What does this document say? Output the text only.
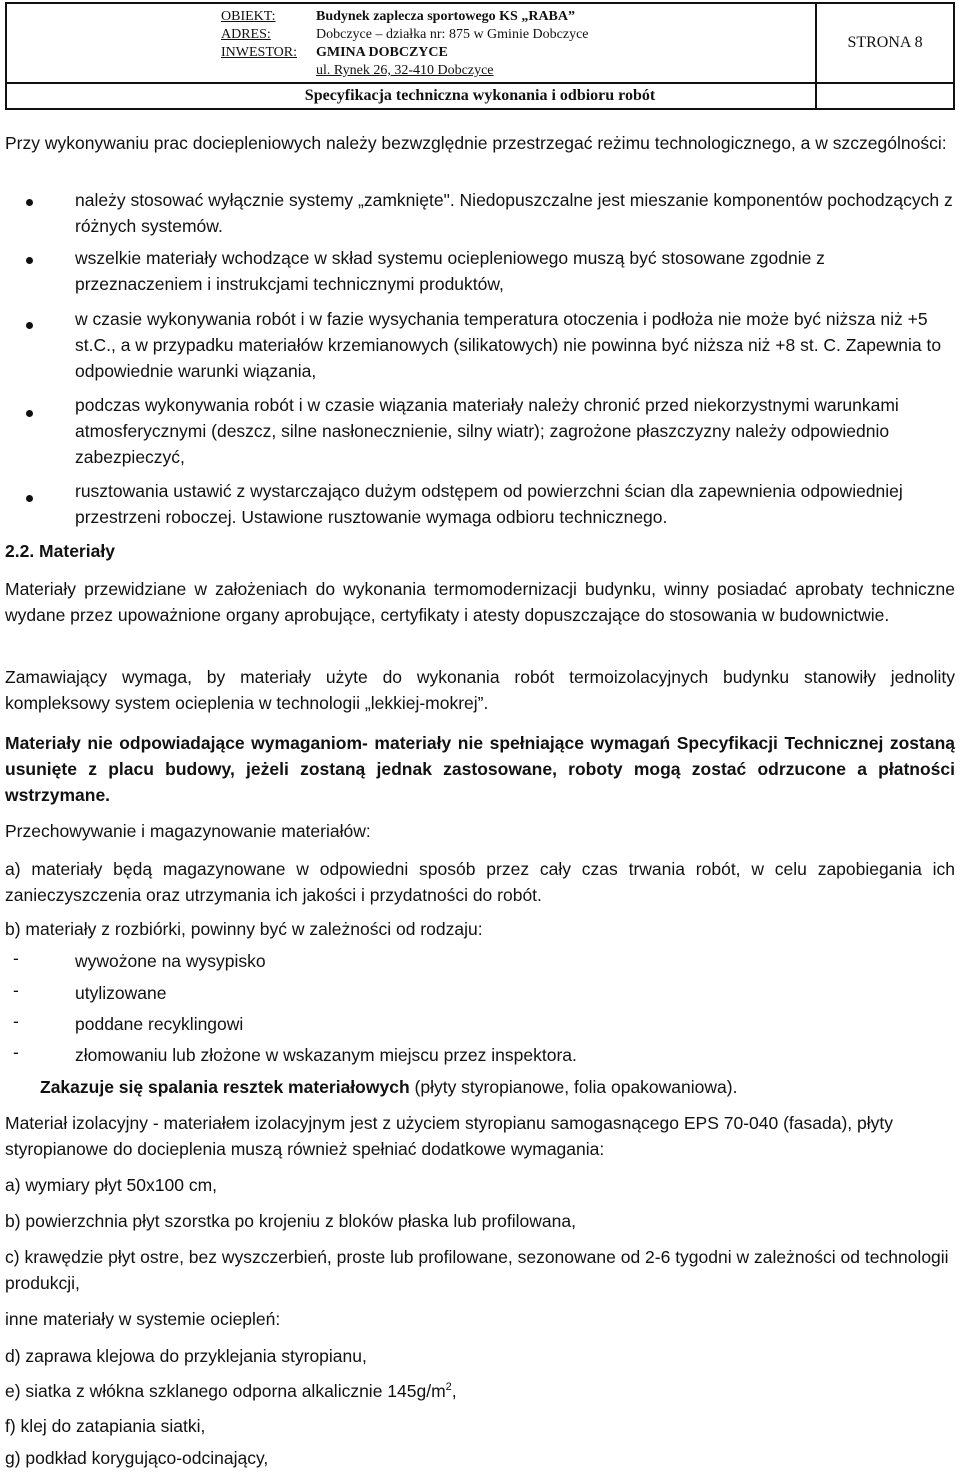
OBIEKT:	Budynek zaplecza sportowego KS „RABA”
ADRES:	Dobczyce – działka nr: 875 w Gminie Dobczyce
INWESTOR: GMINA DOBCZYCE
ul. Rynek 26, 32-410 Dobczyce
STRONA 8
Specyfikacja techniczna wykonania i odbioru robót
Przy wykonywaniu prac dociepleniowych należy bezwzględnie przestrzegać reżimu technologicznego, a w szczególności:
należy stosować wyłącznie systemy „zamknięte". Niedopuszczalne jest mieszanie komponentów pochodzących z różnych systemów.
wszelkie materiały wchodzące w skład systemu ociepleniowego muszą być stosowane zgodnie z przeznaczeniem i instrukcjami technicznymi produktów,
w czasie wykonywania robót i w fazie wysychania temperatura otoczenia i podłoża nie może być niższa niż +5 st.C., a w przypadku materiałów krzemianowych (silikatowych) nie powinna być niższa niż +8 st. C. Zapewnia to odpowiednie warunki wiązania,
podczas wykonywania robót i w czasie wiązania materiały należy chronić przed niekorzystnymi warunkami atmosferycznymi (deszcz, silne nasłonecznienie, silny wiatr); zagrożone płaszczyzny należy odpowiednio zabezpieczyć,
rusztowania ustawić z wystarczająco dużym odstępem od powierzchni ścian dla zapewnienia odpowiedniej przestrzeni roboczej. Ustawione rusztowanie wymaga odbioru technicznego.
2.2. Materiały
Materiały przewidziane w założeniach do wykonania termomodernizacji budynku, winny posiadać aprobaty techniczne wydane przez upoważnione organy aprobujące, certyfikaty i atesty dopuszczające do stosowania w budownictwie.
Zamawiający wymaga, by materiały użyte do wykonania robót termoizolacyjnych budynku stanowiły jednolity kompleksowy system ocieplenia w technologii „lekkiej-mokrej”.
Materiały nie odpowiadające wymaganiom- materiały nie spełniające wymagań Specyfikacji Technicznej zostaną usunięte z placu budowy, jeżeli zostaną jednak zastosowane, roboty mogą zostać odrzucone a płatności wstrzymane.
Przechowywanie i magazynowanie materiałów:
a) materiały będą magazynowane w odpowiedni sposób przez cały czas trwania robót, w celu zapobiegania ich zanieczyszczenia oraz utrzymania ich jakości i przydatności do robót.
b) materiały z rozbiórki, powinny być w zależności od rodzaju:
-	wywożone na wysypisko
-	utylizowane
-	poddane recyklingowi
-	złomowaniu lub złożone w wskazanym miejscu przez inspektora.
Zakazuje się spalania resztek materiałowych (płyty styropianowe, folia opakowaniowa).
Materiał izolacyjny - materiałem izolacyjnym jest z użyciem styropianu samogasnącego EPS 70-040 (fasada), płyty styropianowe do docieplenia muszą również spełniać dodatkowe wymagania:
a) wymiary płyt 50x100 cm,
b) powierzchnia płyt szorstka po krojeniu z bloków płaska lub profilowana,
c) krawędzie płyt ostre, bez wyszczerbień, proste lub profilowane, sezonowane od 2-6 tygodni w zależności od technologii produkcji,
inne materiały w systemie ociepleń:
d) zaprawa klejowa do przyklejania styropianu,
e) siatka z włókna szklanego odporna alkalicznie $145g/m^2$,
f) klej do zatapiania siatki,
g) podkład korygująco-odcinający,
